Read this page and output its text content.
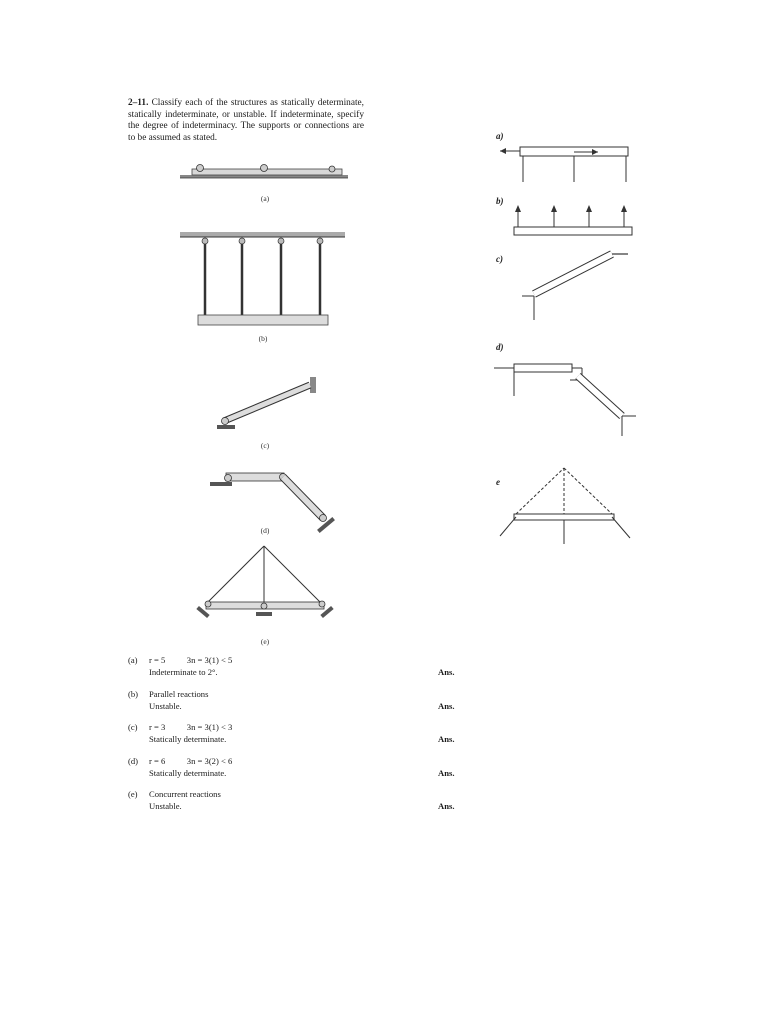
2–11. Classify each of the structures as statically determinate, statically indeterminate, or unstable. If indeterminate, specify the degree of indeterminacy. The supports or connections are to be assumed as stated.
(a)
(b)
(c)
(d)
(e)
a)
b)
c)
d)
e
(a) r = 5          3n = 3(1) < 5
Indeterminate to 2°.	Ans.
(b) Parallel reactions
Unstable.	Ans.
(c) r = 3          3n = 3(1) < 3
Statically determinate.	Ans.
(d) r = 6          3n = 3(2) < 6
Statically determinate.	Ans.
(e) Concurrent reactions
Unstable.	Ans.
